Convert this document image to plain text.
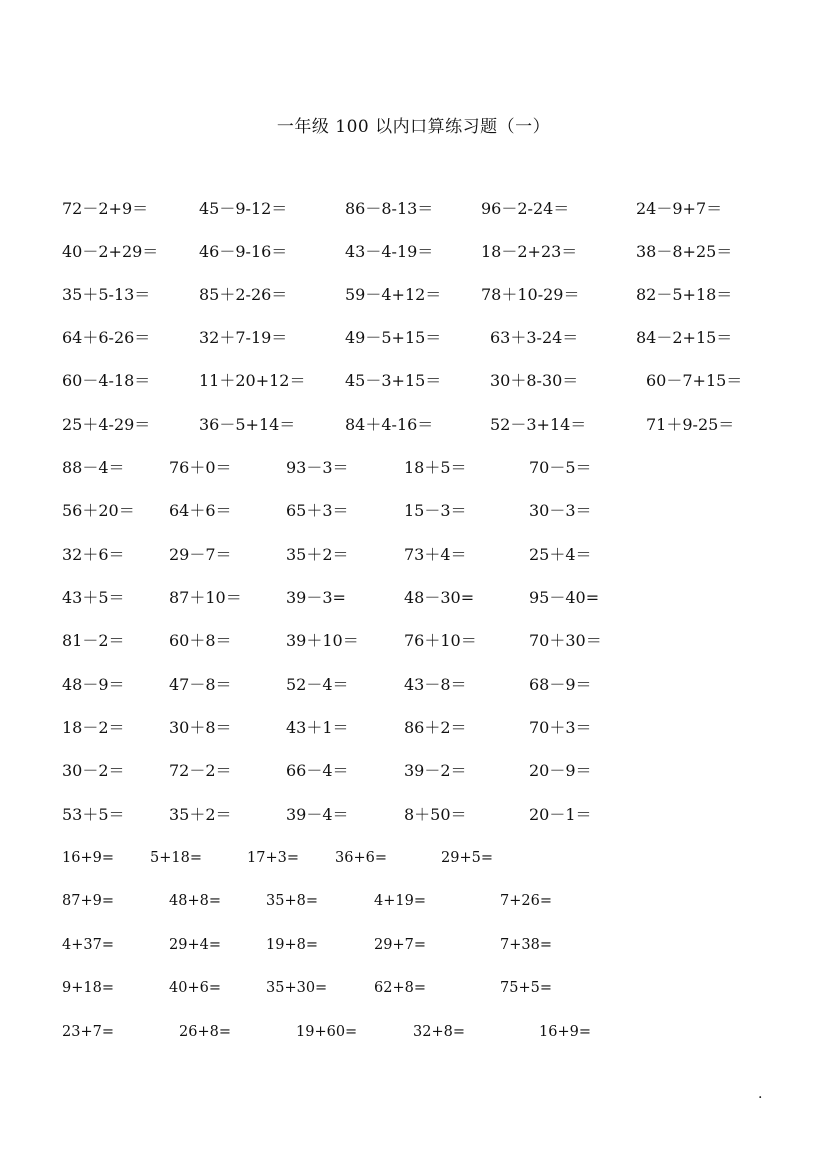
一年级 100 以内口算练习题（一）
72－2+9＝	45－9-12＝	86－8-13＝	96－2-24＝	24－9+7＝
40－2+29＝	46－9-16＝	43－4-19＝	18－2+23＝	38－8+25＝
35＋5-13＝	85＋2-26＝	59－4+12＝ 78＋10-29＝	82－5+18＝
64＋6-26＝	32＋7-19＝	49－5+15＝	63＋3-24＝	84－2+15＝
60－4-18＝	11＋20+12＝ 45－3+15＝	30＋8-30＝	60－7+15＝
25＋4-29＝	36－5+14＝	84＋4-16＝	52－3+14＝	71＋9-25＝
88－4＝	76＋0＝	93－3＝	18＋5＝	70－5＝
56＋20＝ 64＋6＝	65＋3＝	15－3＝	30－3＝
32＋6＝	29－7＝	35＋2＝	73＋4＝	25＋4＝
43＋5＝	87＋10＝	39－3=	48－30=	95－40=
81－2＝	60＋8＝	39＋10＝	76＋10＝	70＋30＝
48－9＝	47－8＝	52－4＝	43－8＝	68－9＝
18－2＝	30＋8＝	43＋1＝	86＋2＝	70＋3＝
30－2＝	72－2＝	66－4＝	39－2＝	20－9＝
53＋5＝	35＋2＝	39－4＝	8＋50＝	20－1＝
16+9= 5+18=	17+3= 36+6=	29+5=
87+9=	48+8=	35+8=	4+19=	7+26=
4+37=	29+4=	19+8=	29+7=	7+38=
9+18=	40+6=	35+30=	62+8=	75+5=
23+7=	26+8=	19+60=	32+8=	16+9=
.
